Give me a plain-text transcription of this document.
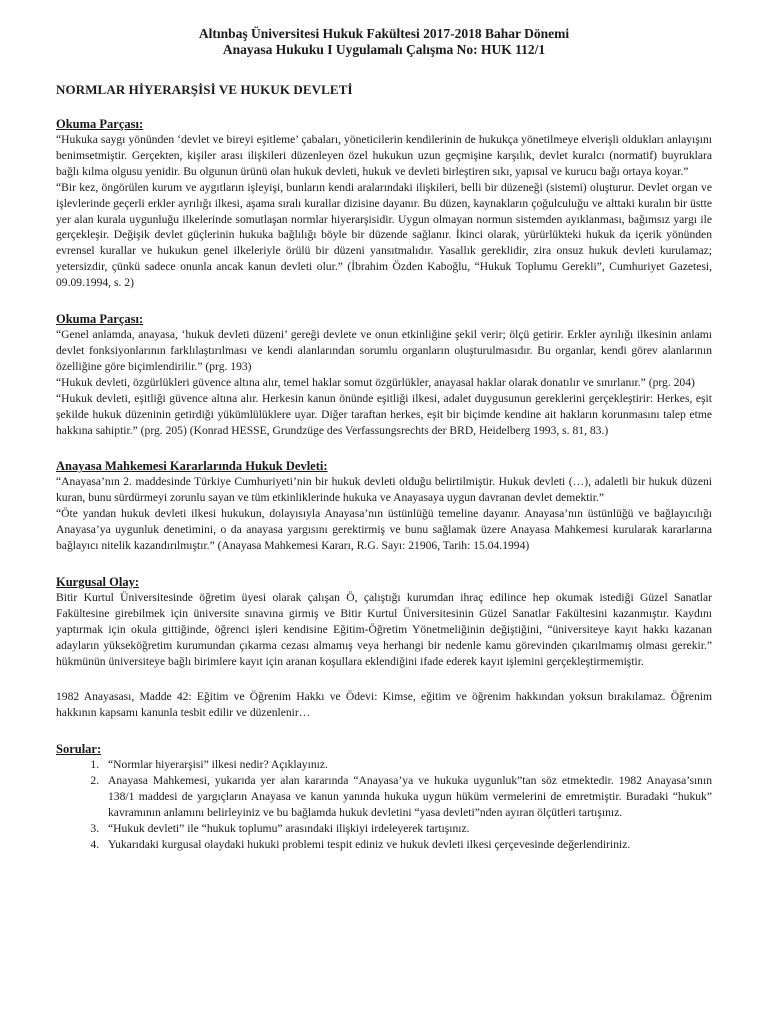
Altınbaş Üniversitesi Hukuk Fakültesi 2017-2018 Bahar Dönemi
Anayasa Hukuku I Uygulamalı Çalışma No: HUK 112/1
NORMLAR HİYERARŞİSİ VE HUKUK DEVLETİ
Okuma Parçası:

“Hukuka saygı yönünden ‘devlet ve bireyi eşitleme’ çabaları, yöneticilerin kendilerinin de hukukça yönetilmeye elverişli oldukları anlayışını benimsetmiştir. Gerçekten, kişiler arası ilişkileri düzenleyen özel hukukun uzun geçmişine karşılık, devlet kuralcı (normatif) buyruklara bağlı kılma olgusu yenidir. Bu olgunun ürünü olan hukuk devleti, hukuk ve devleti birleştiren sıkı, yapısal ve kurucu bağı ortaya koyar.”

“Bir kez, öngörülen kurum ve aygıtların işleyişi, bunların kendi aralarındaki ilişkileri, belli bir düzeneği (sistemi) oluşturur. Devlet organ ve işlevlerinde geçerli erkler ayrılığı ilkesi, aşama sıralı kurallar dizisine dayanır. Bu düzen, kaynakların çoğulculuğu ve alttaki kuralın bir üstte yer alan kurala uygunluğu ilkelerinde somutlaşan normlar hiyerarşisidir. Uygun olmayan normun sistemden ayıklanması, bağımsız yargı ile gerçekleşir. Değişik devlet güçlerinin hukuka bağlılığı böyle bir düzende sağlanır. İkinci olarak, yürürlükteki hukuk da içerik yönünden evrensel kurallar ve hukukun genel ilkeleriyle örülü bir düzeni yansıtmalıdır. Yasallık gereklidir, zira onsuz hukuk devleti kurulamaz; yetersizdir, çünkü sadece onunla ancak kanun devleti olur.” (İbrahim Özden Kaboğlu, “Hukuk Toplumu Gerekli”, Cumhuriyet Gazetesi, 09.09.1994, s. 2)

Okuma Parçası:

“Genel anlamda, anayasa, ‘hukuk devleti düzeni’ gereği devlete ve onun etkinliğine şekil verir; ölçü getirir. Erkler ayrılığı ilkesinin anlamı devlet fonksiyonlarının farklılaştırılması ve kendi alanlarından sorumlu organların oluşturulmasıdır. Bu organlar, kendi görev alanlarının özelliğine göre biçimlendirilir.” (prg. 193)

“Hukuk devleti, özgürlükleri güvence altına alır, temel haklar somut özgürlükler, anayasal haklar olarak donatılır ve sınırlanır.” (prg. 204)

“Hukuk devleti, eşitliği güvence altına alır. Herkesin kanun önünde eşitliği ilkesi, adalet duygusunun gereklerini gerçekleştirir: Herkes, eşit şekilde hukuk düzeninin getirdiği yükümlülüklere uyar. Diğer taraftan herkes, eşit bir biçimde kendine ait hakların korunmasını talep etme hakkına sahiptir.” (prg. 205) (Konrad HESSE, Grundzüge des Verfassungsrechts der BRD, Heidelberg 1993, s. 81, 83.)

Anayasa Mahkemesi Kararlarında Hukuk Devleti:

“Anayasa’nın 2. maddesinde Türkiye Cumhuriyeti’nin bir hukuk devleti olduğu belirtilmiştir. Hukuk devleti (…), adaletli bir hukuk düzeni kuran, bunu sürdürmeyi zorunlu sayan ve tüm etkinliklerinde hukuka ve Anayasaya uygun davranan devlet demektir.”

“Öte yandan hukuk devleti ilkesi hukukun, dolayısıyla Anayasa’nın üstünlüğü temeline dayanır. Anayasa’nın üstünlüğü ve bağlayıcılığı Anayasa’ya uygunluk denetimini, o da anayasa yargısını gerektirmiş ve bunu sağlamak üzere Anayasa Mahkemesi kurularak kararlarına bağlayıcı nitelik kazandırılmıştır.” (Anayasa Mahkemesi Kararı, R.G. Sayı: 21906, Tarih: 15.04.1994)

Kurgusal Olay:

Bitir Kurtul Üniversitesinde öğretim üyesi olarak çalışan Ö, çalıştığı kurumdan ihraç edilince hep okumak istediği Güzel Sanatlar Fakültesine girebilmek için üniversite sınavına girmiş ve Bitir Kurtul Üniversitesinin Güzel Sanatlar Fakültesini kazanmıştır. Kaydını yaptırmak için okula gittiğinde, öğrenci işleri kendisine Eğitim-Öğretim Yönetmeliğinin değiştiğini, “üniversiteye kayıt hakkı kazanan adayların yükseköğretim kurumundan çıkarma cezası almamış veya herhangi bir nedenle kamu görevinden çıkarılmamış olması gerekir.” hükmünün üniversiteye bağlı birimlere kayıt için aranan koşullara eklendiğini ifade ederek kayıt işlemini gerçekleştirmemiştir.

1982 Anayasası, Madde 42: Eğitim ve Öğrenim Hakkı ve Ödevi: Kimse, eğitim ve öğrenim hakkından yoksun bırakılamaz. Öğrenim hakkının kapsamı kanunla tesbit edilir ve düzenlenir…

Sorular:
1. “Normlar hiyerarşisi” ilkesi nedir? Açıklayınız.
2. Anayasa Mahkemesi, yukarıda yer alan kararında “Anayasa’ya ve hukuka uygunluk”tan söz etmektedir. 1982 Anayasa’sının 138/1 maddesi de yargıçların Anayasa ve kanun yanında hukuka uygun hüküm vermelerini de emretmiştir. Buradaki “hukuk” kavramının anlamını belirleyiniz ve bu bağlamda hukuk devletini “yasa devleti”nden ayıran ölçütleri tartışınız.
3. “Hukuk devleti” ile “hukuk toplumu” arasındaki ilişkiyi irdeleyerek tartışınız.
4. Yukarıdaki kurgusal olaydaki hukuki problemi tespit ediniz ve hukuk devleti ilkesi çerçevesinde değerlendiriniz.
